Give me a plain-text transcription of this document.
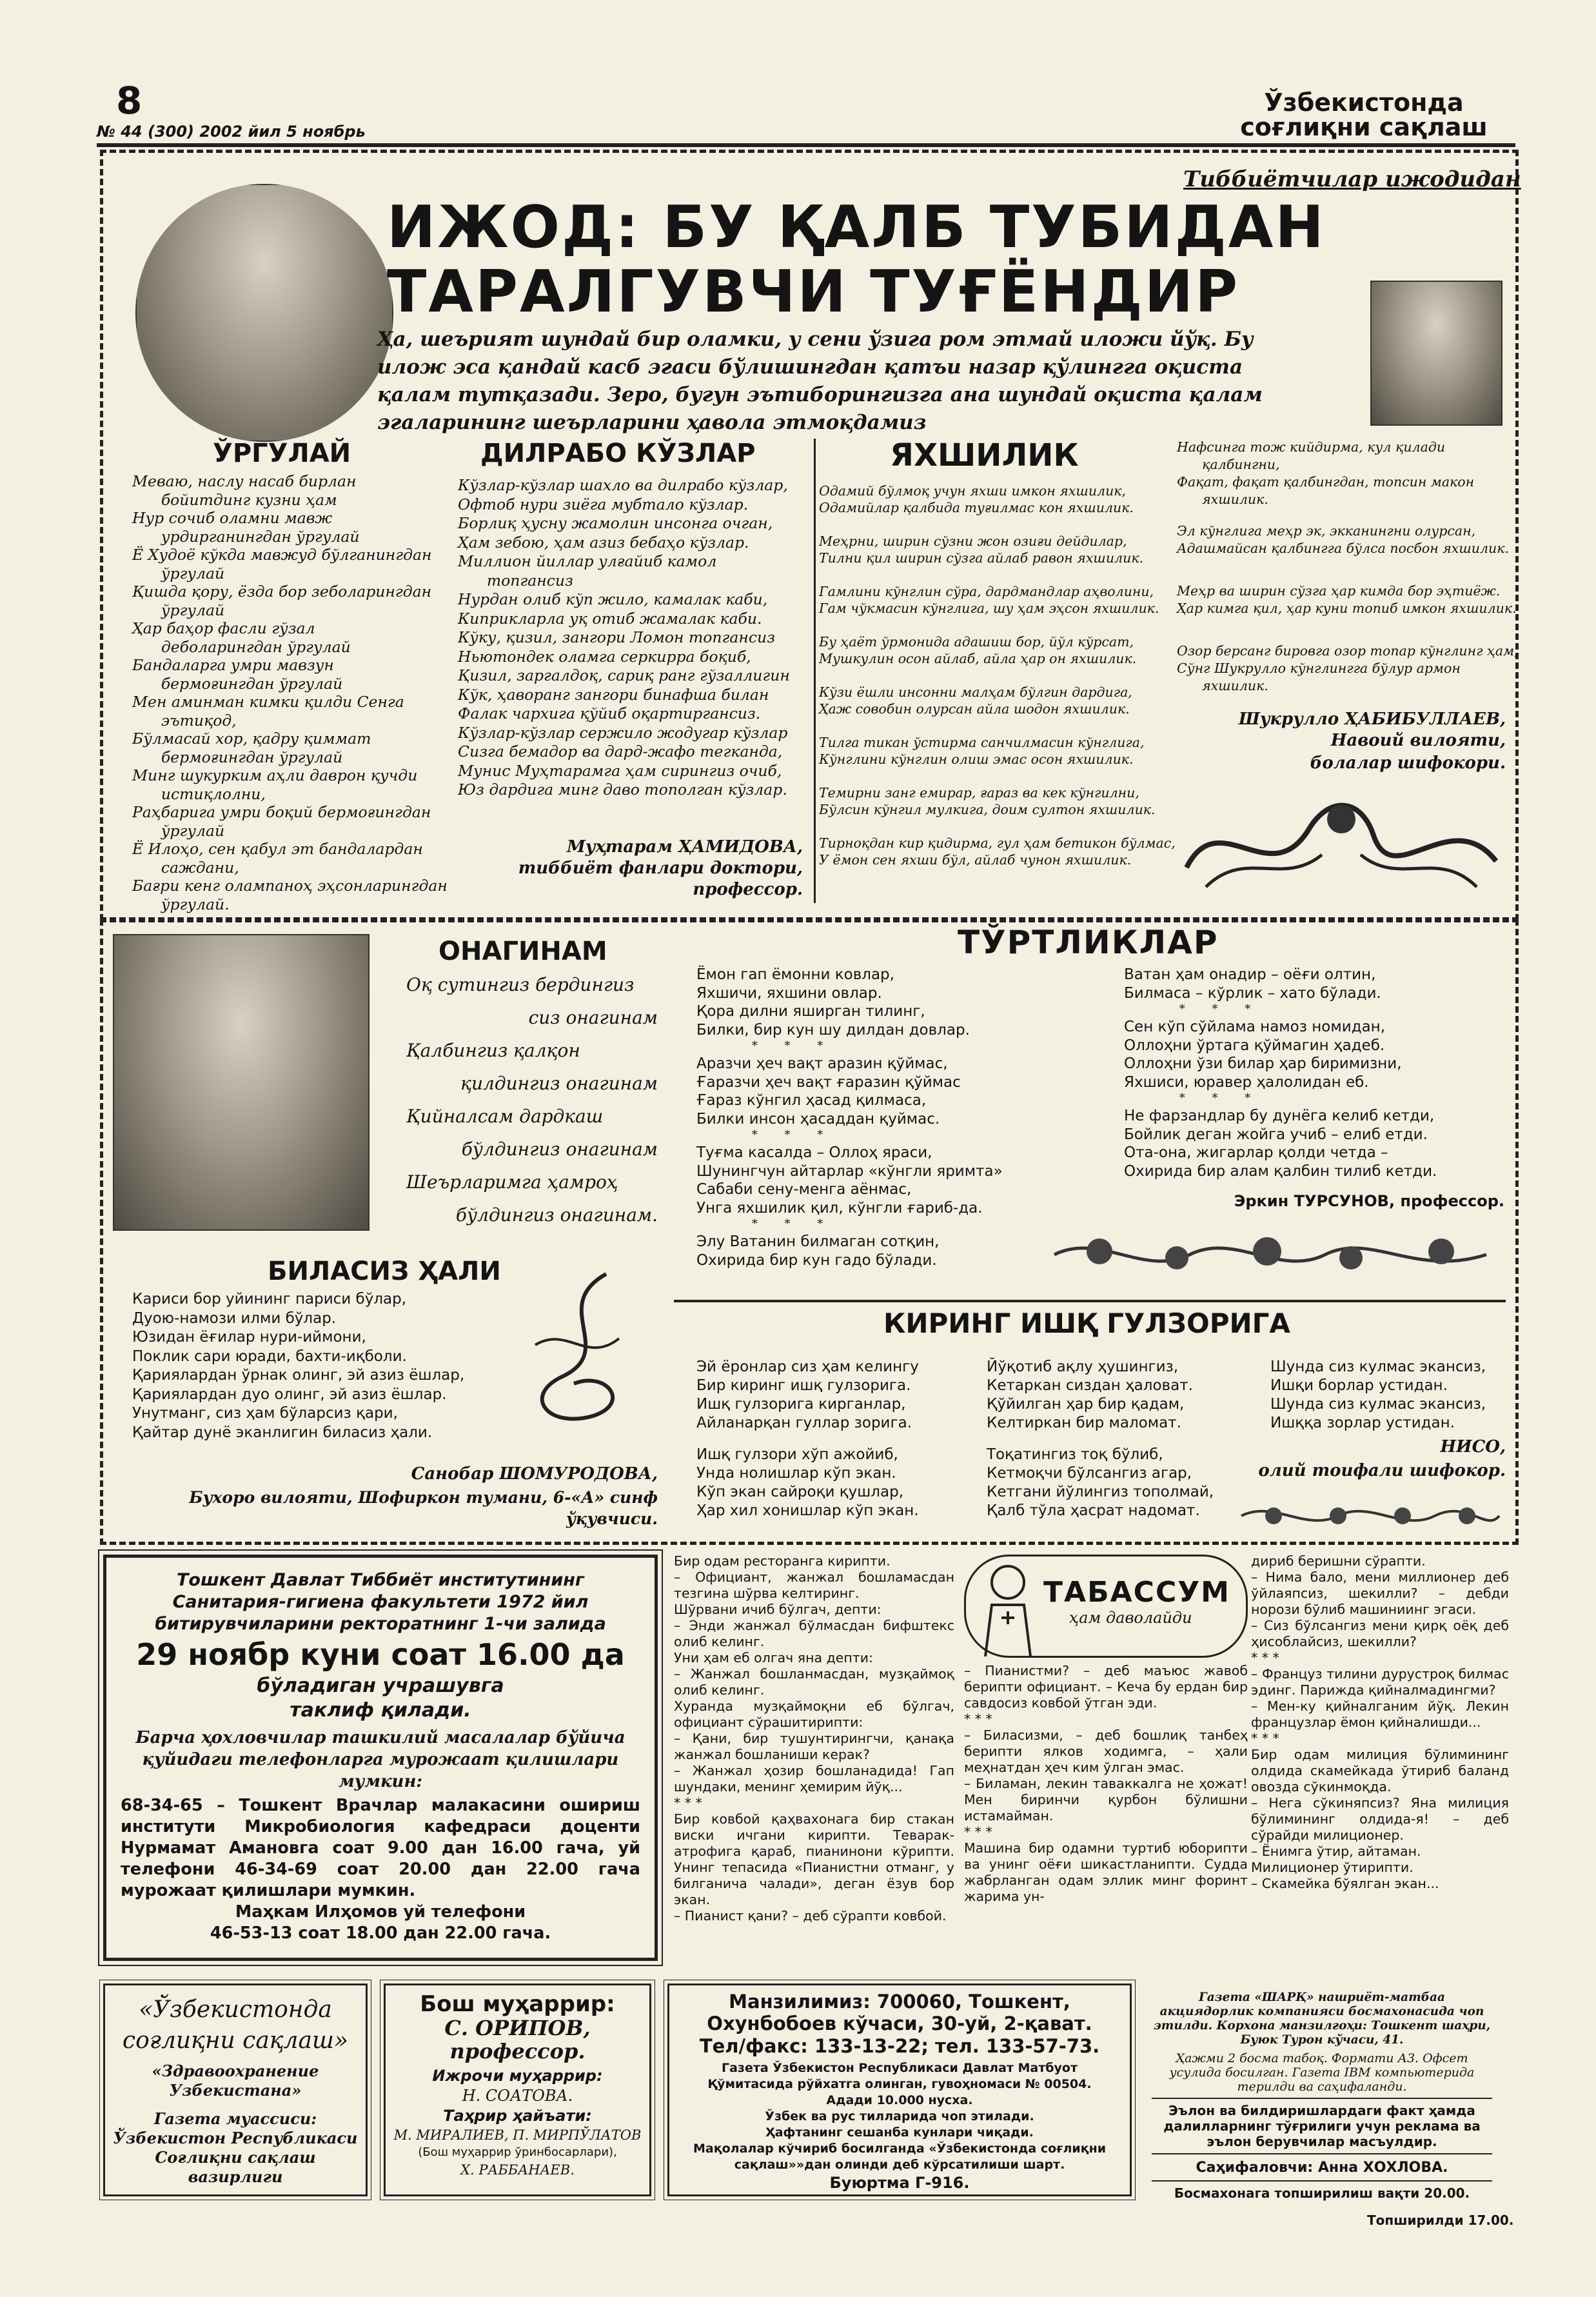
8
№ 44 (300) 2002 йил 5 ноябрь
Ўзбекистонда
соғлиқни сақлаш
Тиббиётчилар ижодидан
ИЖОД: БУ ҚАЛБ ТУБИДАН
ТАРАЛГУВЧИ ТУҒЁНДИР
Ҳа, шеърият шундай бир оламки, у сени ўзига ром этмай иложи йўқ. Бу илож эса қандай касб эгаси бўлишингдан қатъи назар қўлингга оқиста қалам тутқазади. Зеро, бугун эътиборингизга ана шундай оқиста қалам эгаларининг шеърларини ҳавола этмоқдамиз
ЎРГУЛАЙ
Меваю, наслу насаб бирлан
бойитдинг кузни ҳам
Нур сочиб оламни мавж
урдирганингдан ўргулай
Ё Худоё кўкда мавжуд бўлганингдан
ўргулай
Қишда қору, ёзда бор зеболарингдан
ўргулай
Ҳар баҳор фасли гўзал
деболарингдан ўргулай
Бандаларга умри мавзун
бермоғингдан ўргулай
Мен аминман кимки қилди Сенга
эътиқод,
Бўлмасай хор, қадру қиммат
бермоғингдан ўргулай
Минг шукурким аҳли даврон қучди
истиқлолни,
Раҳбарига умри боқий бермоғингдан
ўргулай
Ё Илоҳо, сен қабул эт бандалардан
саждани,
Бағри кенг олампаноҳ эҳсонларингдан
ўргулай.
ДИЛРАБО КЎЗЛАР
Кўзлар-кўзлар шахло ва дилрабо кўзлар,
Офтоб нури зиёга мубтало кўзлар.
Борлиқ ҳусну жамолин инсонга очган,
Ҳам зебою, ҳам азиз бебаҳо кўзлар.
Миллион йиллар улғайиб камол
топгансиз
Нурдан олиб кўп жило, камалак каби,
Киприкларла уқ отиб жамалак каби.
Кўку, қизил, зангори Ломон топгансиз
Ньютондек оламга серкирра боқиб,
Қизил, заргалдоқ, сариқ ранг гўзаллигин
Кўк, ҳаворанг зангори бинафша билан
Фалак чархига қўйиб оқартиргансиз.
Кўзлар-кўзлар сержило жодугар кўзлар
Сизга бемадор ва дард-жафо тегканда,
Мунис Муҳтарамга ҳам сирингиз очиб,
Юз дардига минг даво тополган кўзлар.
Муҳтарам ҲАМИДОВА,
тиббиёт фанлари доктори,
профессор.
ЯХШИЛИК
Одамий бўлмоқ учун яхши имкон яхшилик,
Одамийлар қалбида туғилмас кон яхшилик.
Меҳрни, ширин сўзни жон озиғи дейдилар,
Тилни қил ширин сўзга айлаб равон яхшилик.
Гамлини кўнглин сўра, дардмандлар аҳволини,
Гам чўкмасин кўнглига, шу ҳам эҳсон яхшилик.
Бу ҳаёт ўрмонида адашиш бор, йўл кўрсат,
Мушкулин осон айлаб, айла ҳар он яхшилик.
Кўзи ёшли инсонни малҳам бўлгин дардига,
Ҳаж совобин олурсан айла шодон яхшилик.
Тилга тикан ўстирма санчилмасин кўнглига,
Кўнглини кўнглин олиш эмас осон яхшилик.
Темирни занг емирар, ғараз ва кек кўнгилни,
Бўлсин кўнгил мулкига, доим султон яхшилик.
Тирноқдан кир қидирма, гул ҳам бетикон бўлмас,
У ёмон сен яхши бўл, айлаб чунон яхшилик.
Нафсинга тож кийдирма, кул қилади
қалбингни,
Фақат, фақат қалбингдан, топсин макон
яхшилик.
Эл кўнглига меҳр эк, экканингни олурсан,
Адашмайсан қалбингга бўлса посбон яхшилик.
Меҳр ва ширин сўзга ҳар кимда бор эҳтиёж.
Ҳар кимга қил, ҳар куни топиб имкон яхшилик.
Озор берсанг бировга озор топар кўнглинг ҳам,
Сўнг Шукрулло кўнглингга бўлур армон
яхшилик.
Шукрулло ҲАБИБУЛЛАЕВ,
Навоий вилояти,
болалар шифокори.
ОНАГИНАМ
Оқ сутингиз бердингиз
сиз онагинам
Қалбингиз қалқон
қилдингиз онагинам
Қийналсам дардкаш
бўлдингиз онагинам
Шеърларимга ҳамроҳ
бўлдингиз онагинам.
БИЛАСИЗ ҲАЛИ
Кариси бор уйининг париси бўлар,
Дуою-намози илми бўлар.
Юзидан ёғилар нури-иймони,
Поклик сари юради, бахти-иқболи.
Қариялардан ўрнак олинг, эй азиз ёшлар,
Қариялардан дуо олинг, эй азиз ёшлар.
Унутманг, сиз ҳам бўларсиз қари,
Қайтар дунё эканлигин биласиз ҳали.
Санобар ШОМУРОДОВА,
Бухоро вилояти, Шофиркон тумани, 6-«А» синф
ўқувчиси.
ТЎРТЛИКЛАР
Ёмон гап ёмонни ковлар,
Яхшичи, яхшини овлар.
Қора дилни яширган тилинг,
Билки, бир кун шу дилдан довлар.
* * *
Аразчи ҳеч вақт аразин қўймас,
Ғаразчи ҳеч вақт ғаразин қўймас
Ғараз кўнгил ҳасад қилмаса,
Билки инсон ҳасаддан қуймас.
* * *
Туғма касалда – Оллоҳ яраси,
Шунингчун айтарлар «кўнгли яримта»
Сабаби сену-менга аёнмас,
Унга яхшилик қил, кўнгли ғариб-да.
* * *
Элу Ватанин билмаган сотқин,
Охирида бир кун гадо бўлади.
Ватан ҳам онадир – оёғи олтин,
Билмаса – кўрлик – хато бўлади.
* * *
Сен кўп сўйлама намоз номидан,
Оллоҳни ўртага қўймагин ҳадеб.
Оллоҳни ўзи билар ҳар биримизни,
Яхшиси, юравер ҳалолидан еб.
* * *
Не фарзандлар бу дунёга келиб кетди,
Бойлик деган жойга учиб – елиб етди.
Ота-она, жигарлар қолди четда –
Охирида бир алам қалбин тилиб кетди.
Эркин ТУРСУНОВ, профессор.
КИРИНГ ИШҚ ГУЛЗОРИГА
Эй ёронлар сиз ҳам келингу
Бир киринг ишқ гулзорига.
Ишқ гулзорига кирганлар,
Айланарқан гуллар зорига.
Ишқ гулзори хўп ажойиб,
Унда нолишлар кўп экан.
Кўп экан сайроқи қушлар,
Ҳар хил хонишлар кўп экан.
Йўқотиб ақлу ҳушингиз,
Кетаркан сиздан ҳаловат.
Қўйилган ҳар бир қадам,
Келтиркан бир маломат.
Тоқатингиз тоқ бўлиб,
Кетмоқчи бўлсангиз агар,
Кетгани йўлингиз тополмай,
Қалб тўла ҳасрат надомат.
Шунда сиз кулмас экансиз,
Ишқи борлар устидан.
Шунда сиз кулмас экансиз,
Ишққа зорлар устидан.
НИСО,
олий тоифали шифокор.
Тошкент Давлат Тиббиёт институтининг
Санитария-гигиена факультети 1972 йил
битирувчиларини ректоратнинг 1-чи залида
29 ноябр куни соат 16.00 да
бўладиган учрашувга
таклиф қилади.
Барча ҳохловчилар ташкилий масалалар бўйича
қуйидаги телефонларга мурожаат қилишлари мумкин:
68-34-65 – Тошкент Врачлар малакасини ошириш институти Микробиология кафедраси доценти Нурмамат Амановга соат 9.00 дан 16.00 гача, уй телефони 46-34-69 соат 20.00 дан 22.00 гача мурожаат қилишлари мумкин.
Маҳкам Илҳомов уй телефони
46-53-13 соат 18.00 дан 22.00 гача.
Бир одам ресторанга кирипти.
– Официант, жанжал бошламасдан тезгина шўрва келтиринг.
Шўрвани ичиб бўлгач, депти:
– Энди жанжал бўлмасдан бифштекс олиб келинг.
Уни ҳам еб олгач яна депти:
– Жанжал бошланмасдан, музқаймоқ олиб келинг.
Хуранда музқаймоқни еб бўлгач, официант сўрашитирипти:
– Қани, бир тушунтирингчи, қанақа жанжал бошланиши керак?
– Жанжал ҳозир бошланадида! Гап шундаки, менинг ҳемирим йўқ...
* * *
Бир ковбой қаҳвахонага бир стакан виски ичгани кирипти. Теварак-атрофига қараб, пианинони кўрипти. Унинг тепасида «Пианистни отманг, у билганича чалади», деган ёзув бор экан.
– Пианист қани? – деб сўрапти ковбой.
ТАБАССУМ
ҳам даволайди
– Пианистми? – деб маъюс жавоб берипти официант. – Кеча бу ердан бир савдосиз ковбой ўтган эди.
* * *
– Биласизми, – деб бошлиқ танбеҳ берипти ялков ходимга, – ҳали меҳнатдан ҳеч ким ўлган эмас.
– Биламан, лекин таваккалга не ҳожат! Мен биринчи қурбон бўлишни истамайман.
* * *
Машина бир одамни туртиб юборипти ва унинг оёғи шикастланипти. Судда жабрланган одам эллик минг форинт жарима ун-
дириб беришни сўрапти.
– Нима бало, мени миллионер деб ўйлаяпсиз, шекилли? – дебди норози бўлиб машиниинг эгаси.
– Сиз бўлсангиз мени қирқ оёқ деб ҳисоблайсиз, шекилли?
* * *
– Француз тилини дурустроқ билмас эдинг. Парижда қийналмадингми?
– Мен-ку қийналганим йўқ. Лекин французлар ёмон қийналишди...
* * *
Бир одам милиция бўлимининг олдида скамейкада ўтириб баланд овозда сўкинмоқда.
– Нега сўкиняпсиз? Яна милиция бўлимининг олдида-я! – деб сўрайди милиционер.
– Ёнимга ўтир, айтаман.
Милиционер ўтирипти.
– Скамейка бўялган экан...
«Ўзбекистонда соғлиқни сақлаш»
«Здравоохранение Узбекистана»
Газета муассиси:
Ўзбекистон Республикаси Соғлиқни сақлаш вазирлиги
Бош муҳаррир:
С. ОРИПОВ,
профессор.
Ижрочи муҳаррир:
Н. СОАТОВА.
Таҳрир ҳайъати:
М. МИРАЛИЕВ, П. МИРПЎЛАТОВ
(Бош муҳаррир ўринбосарлари),
Х. РАББАНАЕВ.
Манзилимиз: 700060, Тошкент,
Охунбобоев кўчаси, 30-уй, 2-қават.
Тел/факс: 133-13-22; тел. 133-57-73.
Газета Ўзбекистон Республикаси Давлат Матбуот Қўмитасида рўйхатга олинган, гувоҳномаси № 00504.
Адади 10.000 нусха.
Ўзбек ва рус тилларида чоп этилади.
Ҳафтанинг сешанба кунлари чиқади.
Мақолалар кўчириб босилганда «Ўзбекистонда соғлиқни сақлаш»»дан олинди деб кўрсатилиши шарт.
Буюртма Г-916.
Газета «ШАРҚ» нашриёт-матбаа акциядорлик компанияси босмахонасида чоп этилди. Корхона манзилгоҳи: Тошкент шаҳри, Буюк Турон кўчаси, 41.
Ҳажми 2 босма табоқ. Формати А3. Офсет усулида босилган. Газета IBM компьютерида терилди ва саҳифаланди.
Эълон ва билдиришлардаги факт ҳамда далилларнинг тўғрилиги учун реклама ва эълон берувчилар масъулдир.
Саҳифаловчи: Анна ХОХЛОВА.
Босмахонага топширилиш вақти 20.00.
Топширилди 17.00.
